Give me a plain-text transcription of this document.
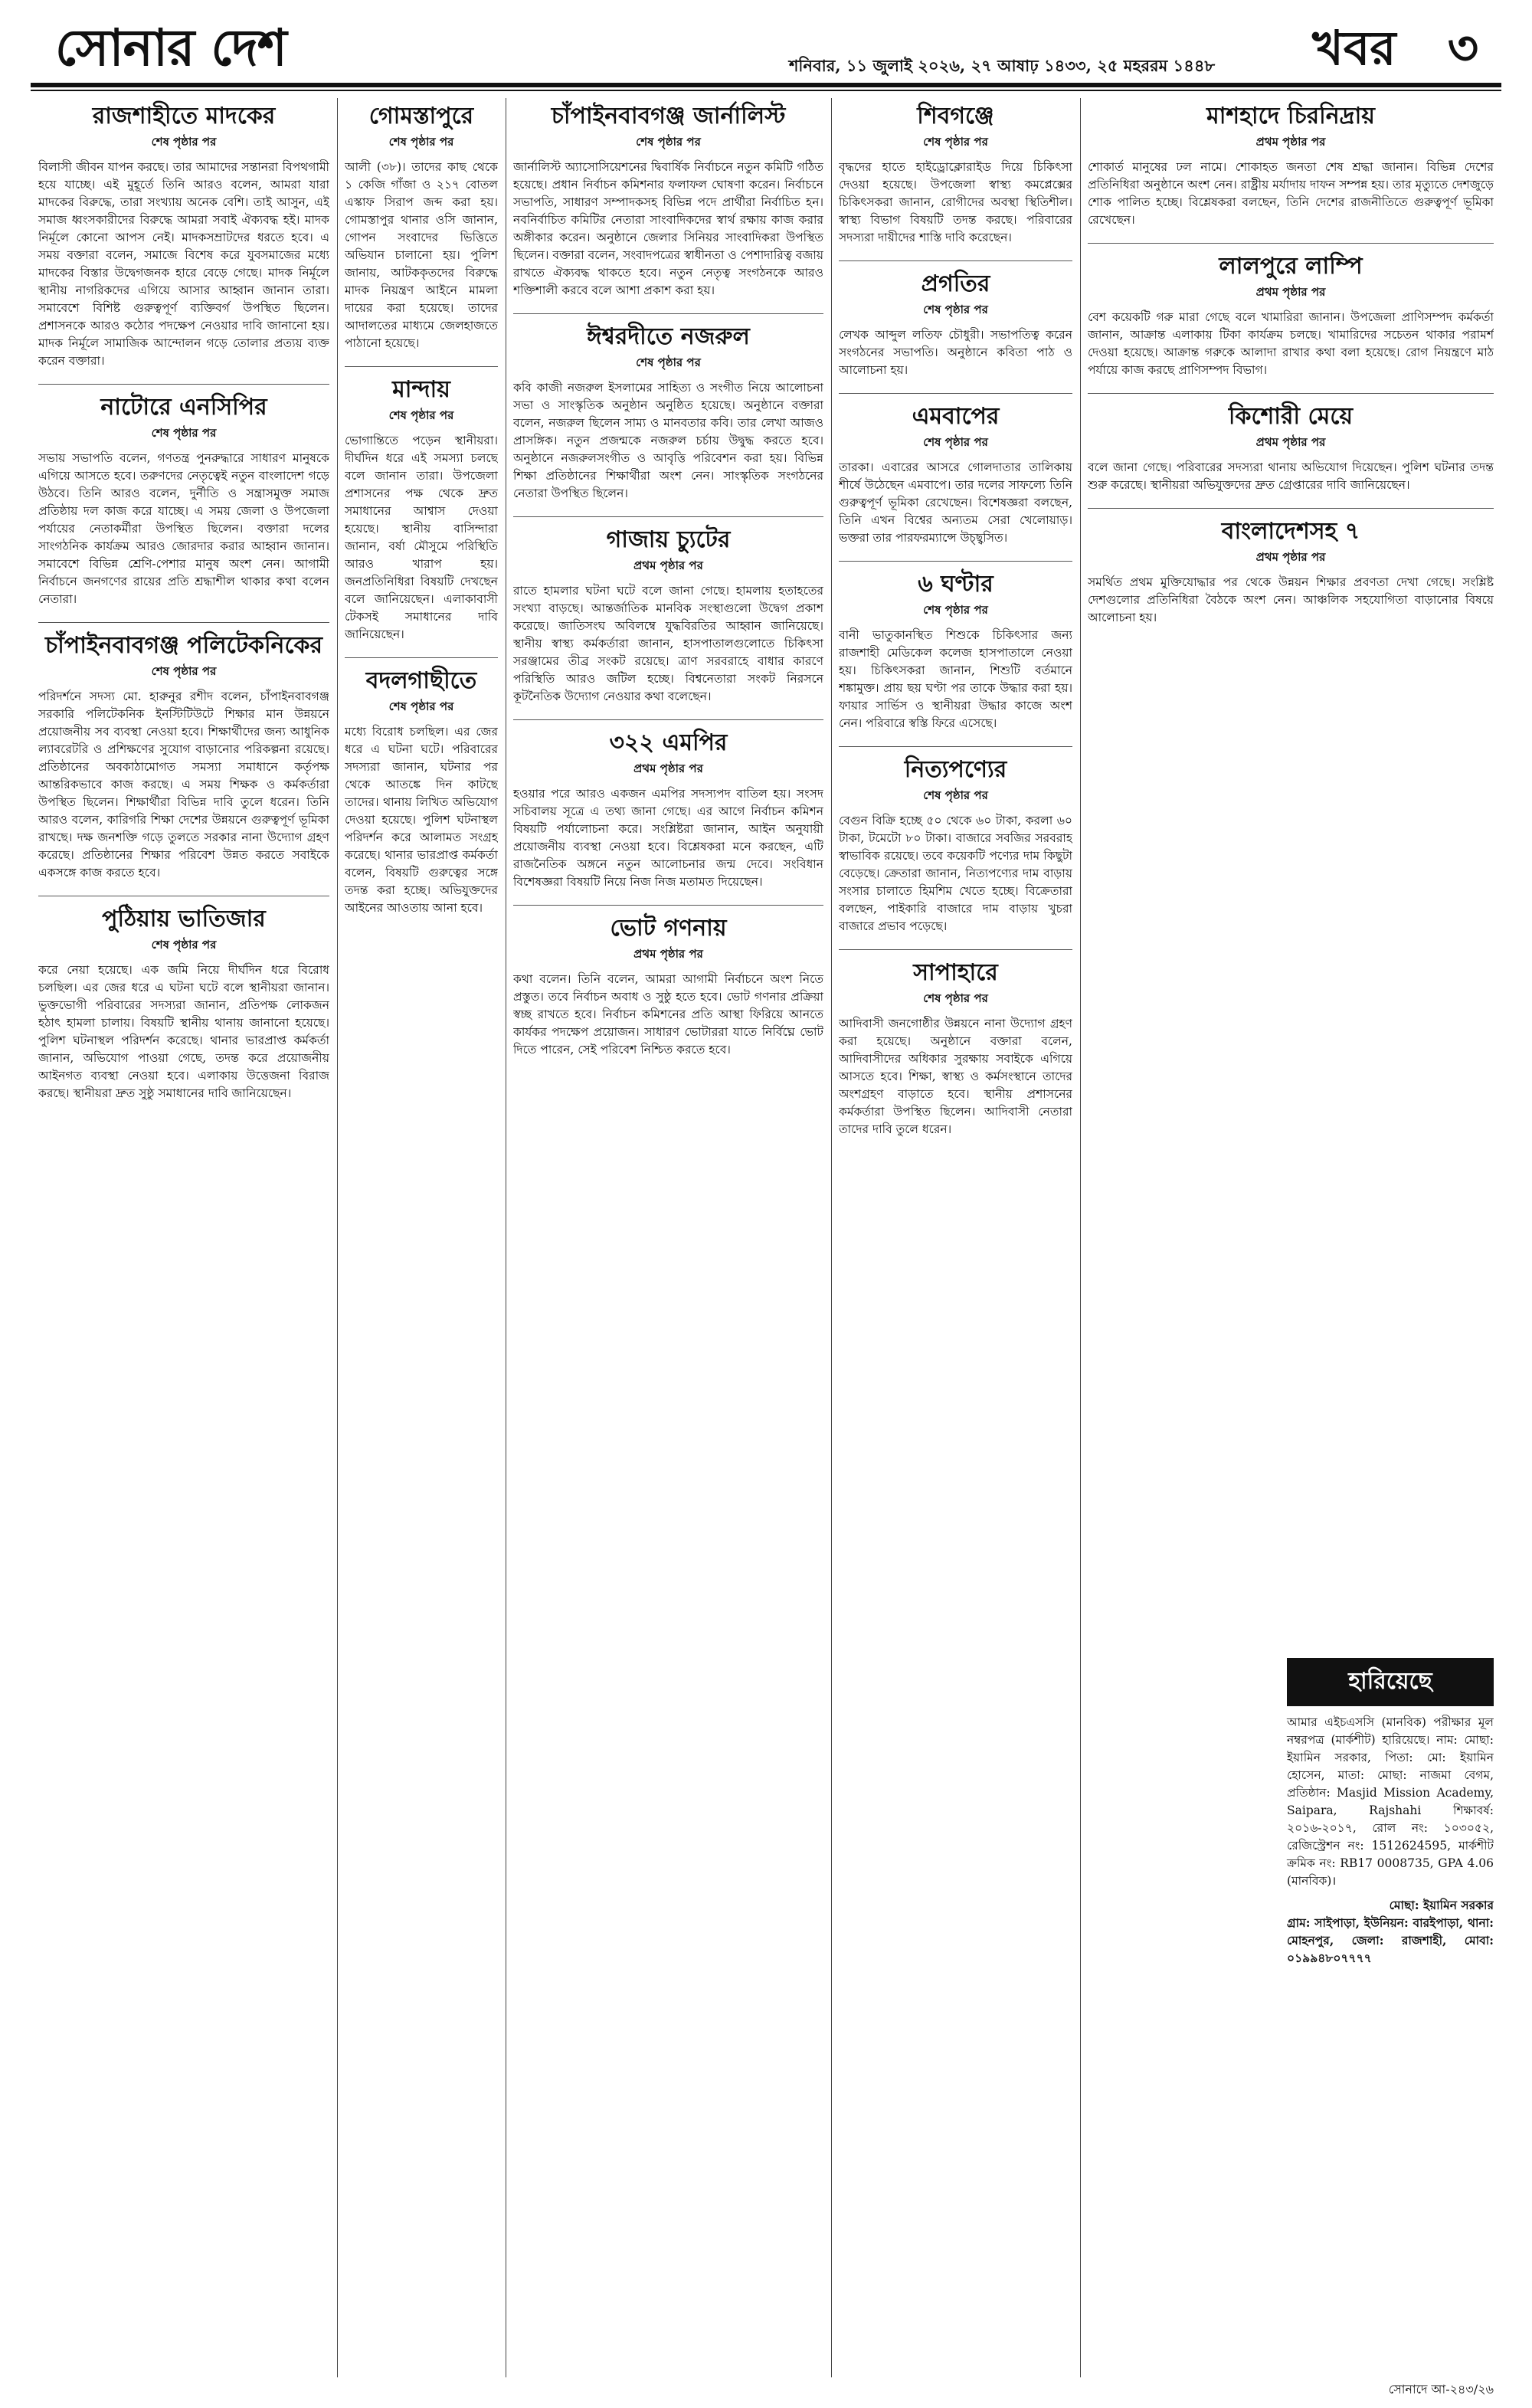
সোনার দেশ	শনিবার, ১১ জুলাই ২০২৬, ২৭ আষাঢ় ১৪৩৩, ২৫ মহররম ১৪৪৮ খবর ৩
রাজশাহীতে মাদকের
শেষ পৃষ্ঠার পর

বিলাসী জীবন যাপন করছে। তার আমাদের সন্তানরা বিপথগামী হয়ে যাচ্ছে। এই মুহূর্তে তিনি আরও বলেন, আমরা যারা মাদকের বিরুদ্ধে, তারা সংখ্যায় অনেক বেশি। তাই আসুন, এই সমাজ ধ্বংসকারীদের বিরুদ্ধে আমরা সবাই ঐক্যবদ্ধ হই। মাদক নির্মূলে কোনো আপস নেই। মাদকসম্রাটদের ধরতে হবে। এ সময় বক্তারা বলেন, সমাজে বিশেষ করে যুবসমাজের মধ্যে মাদকের বিস্তার উদ্বেগজনক হারে বেড়ে গেছে। মাদক নির্মূলে স্থানীয় নাগরিকদের এগিয়ে আসার আহ্বান জানান তারা। সমাবেশে বিশিষ্ট গুরুত্বপূর্ণ ব্যক্তিবর্গ উপস্থিত ছিলেন। প্রশাসনকে আরও কঠোর পদক্ষেপ নেওয়ার দাবি জানানো হয়। মাদক নির্মূলে সামাজিক আন্দোলন গড়ে তোলার প্রত্যয় ব্যক্ত করেন বক্তারা।

নাটোরে এনসিপির
শেষ পৃষ্ঠার পর

সভায় সভাপতি বলেন, গণতন্ত্র পুনরুদ্ধারে সাধারণ মানুষকে এগিয়ে আসতে হবে। তরুণদের নেতৃত্বেই নতুন বাংলাদেশ গড়ে উঠবে। তিনি আরও বলেন, দুর্নীতি ও সন্ত্রাসমুক্ত সমাজ প্রতিষ্ঠায় দল কাজ করে যাচ্ছে। এ সময় জেলা ও উপজেলা পর্যায়ের নেতাকর্মীরা উপস্থিত ছিলেন। বক্তারা দলের সাংগঠনিক কার্যক্রম আরও জোরদার করার আহ্বান জানান। সমাবেশে বিভিন্ন শ্রেণি-পেশার মানুষ অংশ নেন। আগামী নির্বাচনে জনগণের রায়ের প্রতি শ্রদ্ধাশীল থাকার কথা বলেন নেতারা।

চাঁপাইনবাবগঞ্জ পলিটেকনিকের
শেষ পৃষ্ঠার পর

পরিদর্শনে সদস্য মো. হারুনুর রশীদ বলেন, চাঁপাইনবাবগঞ্জ সরকারি পলিটেকনিক ইনস্টিটিউটে শিক্ষার মান উন্নয়নে প্রয়োজনীয় সব ব্যবস্থা নেওয়া হবে। শিক্ষার্থীদের জন্য আধুনিক ল্যাবরেটরি ও প্রশিক্ষণের সুযোগ বাড়ানোর পরিকল্পনা রয়েছে। প্রতিষ্ঠানের অবকাঠামোগত সমস্যা সমাধানে কর্তৃপক্ষ আন্তরিকভাবে কাজ করছে। এ সময় শিক্ষক ও কর্মকর্তারা উপস্থিত ছিলেন। শিক্ষার্থীরা বিভিন্ন দাবি তুলে ধরেন। তিনি আরও বলেন, কারিগরি শিক্ষা দেশের উন্নয়নে গুরুত্বপূর্ণ ভূমিকা রাখছে। দক্ষ জনশক্তি গড়ে তুলতে সরকার নানা উদ্যোগ গ্রহণ করেছে। প্রতিষ্ঠানের শিক্ষার পরিবেশ উন্নত করতে সবাইকে একসঙ্গে কাজ করতে হবে।

পুঠিয়ায় ভাতিজার
শেষ পৃষ্ঠার পর

করে নেয়া হয়েছে। এক জমি নিয়ে দীর্ঘদিন ধরে বিরোধ চলছিল। এর জের ধরে এ ঘটনা ঘটে বলে স্থানীয়রা জানান। ভুক্তভোগী পরিবারের সদস্যরা জানান, প্রতিপক্ষ লোকজন হঠাৎ হামলা চালায়। বিষয়টি স্থানীয় থানায় জানানো হয়েছে। পুলিশ ঘটনাস্থল পরিদর্শন করেছে। থানার ভারপ্রাপ্ত কর্মকর্তা জানান, অভিযোগ পাওয়া গেছে, তদন্ত করে প্রয়োজনীয় আইনগত ব্যবস্থা নেওয়া হবে। এলাকায় উত্তেজনা বিরাজ করছে। স্থানীয়রা দ্রুত সুষ্ঠু সমাধানের দাবি জানিয়েছেন।

গোমস্তাপুরে
শেষ পৃষ্ঠার পর

আলী (৩৮)। তাদের কাছ থেকে ১ কেজি গাঁজা ও ২১৭ বোতল এস্কাফ সিরাপ জব্দ করা হয়। গোমস্তাপুর থানার ওসি জানান, গোপন সংবাদের ভিত্তিতে অভিযান চালানো হয়। পুলিশ জানায়, আটককৃতদের বিরুদ্ধে মাদক নিয়ন্ত্রণ আইনে মামলা দায়ের করা হয়েছে। তাদের আদালতের মাধ্যমে জেলহাজতে পাঠানো হয়েছে।

মান্দায়
শেষ পৃষ্ঠার পর

ভোগান্তিতে পড়েন স্থানীয়রা। দীর্ঘদিন ধরে এই সমস্যা চলছে বলে জানান তারা। উপজেলা প্রশাসনের পক্ষ থেকে দ্রুত সমাধানের আশ্বাস দেওয়া হয়েছে। স্থানীয় বাসিন্দারা জানান, বর্ষা মৌসুমে পরিস্থিতি আরও খারাপ হয়। জনপ্রতিনিধিরা বিষয়টি দেখছেন বলে জানিয়েছেন। এলাকাবাসী টেকসই সমাধানের দাবি জানিয়েছেন।

বদলগাছীতে
শেষ পৃষ্ঠার পর

মধ্যে বিরোধ চলছিল। এর জের ধরে এ ঘটনা ঘটে। পরিবারের সদস্যরা জানান, ঘটনার পর থেকে আতঙ্কে দিন কাটছে তাদের। থানায় লিখিত অভিযোগ দেওয়া হয়েছে। পুলিশ ঘটনাস্থল পরিদর্শন করে আলামত সংগ্রহ করেছে। থানার ভারপ্রাপ্ত কর্মকর্তা বলেন, বিষয়টি গুরুত্বের সঙ্গে তদন্ত করা হচ্ছে। অভিযুক্তদের আইনের আওতায় আনা হবে।

চাঁপাইনবাবগঞ্জ জার্নালিস্ট
শেষ পৃষ্ঠার পর

জার্নালিস্ট অ্যাসোসিয়েশনের দ্বিবার্ষিক নির্বাচনে নতুন কমিটি গঠিত হয়েছে। প্রধান নির্বাচন কমিশনার ফলাফল ঘোষণা করেন। নির্বাচনে সভাপতি, সাধারণ সম্পাদকসহ বিভিন্ন পদে প্রার্থীরা নির্বাচিত হন। নবনির্বাচিত কমিটির নেতারা সাংবাদিকদের স্বার্থ রক্ষায় কাজ করার অঙ্গীকার করেন। অনুষ্ঠানে জেলার সিনিয়র সাংবাদিকরা উপস্থিত ছিলেন। বক্তারা বলেন, সংবাদপত্রের স্বাধীনতা ও পেশাদারিত্ব বজায় রাখতে ঐক্যবদ্ধ থাকতে হবে। নতুন নেতৃত্ব সংগঠনকে আরও শক্তিশালী করবে বলে আশা প্রকাশ করা হয়।

ঈশ্বরদীতে নজরুল
শেষ পৃষ্ঠার পর

কবি কাজী নজরুল ইসলামের সাহিত্য ও সংগীত নিয়ে আলোচনা সভা ও সাংস্কৃতিক অনুষ্ঠান অনুষ্ঠিত হয়েছে। অনুষ্ঠানে বক্তারা বলেন, নজরুল ছিলেন সাম্য ও মানবতার কবি। তার লেখা আজও প্রাসঙ্গিক। নতুন প্রজন্মকে নজরুল চর্চায় উদ্বুদ্ধ করতে হবে। অনুষ্ঠানে নজরুলসংগীত ও আবৃত্তি পরিবেশন করা হয়। বিভিন্ন শিক্ষা প্রতিষ্ঠানের শিক্ষার্থীরা অংশ নেন। সাংস্কৃতিক সংগঠনের নেতারা উপস্থিত ছিলেন।

গাজায় চ্যুটের
প্রথম পৃষ্ঠার পর

রাতে হামলার ঘটনা ঘটে বলে জানা গেছে। হামলায় হতাহতের সংখ্যা বাড়ছে। আন্তর্জাতিক মানবিক সংস্থাগুলো উদ্বেগ প্রকাশ করেছে। জাতিসংঘ অবিলম্বে যুদ্ধবিরতির আহ্বান জানিয়েছে। স্থানীয় স্বাস্থ্য কর্মকর্তারা জানান, হাসপাতালগুলোতে চিকিৎসা সরঞ্জামের তীব্র সংকট রয়েছে। ত্রাণ সরবরাহে বাধার কারণে পরিস্থিতি আরও জটিল হচ্ছে। বিশ্বনেতারা সংকট নিরসনে কূটনৈতিক উদ্যোগ নেওয়ার কথা বলেছেন।

৩২২ এমপির
প্রথম পৃষ্ঠার পর

হওয়ার পরে আরও একজন এমপির সদস্যপদ বাতিল হয়। সংসদ সচিবালয় সূত্রে এ তথ্য জানা গেছে। এর আগে নির্বাচন কমিশন বিষয়টি পর্যালোচনা করে। সংশ্লিষ্টরা জানান, আইন অনুযায়ী প্রয়োজনীয় ব্যবস্থা নেওয়া হবে। বিশ্লেষকরা মনে করছেন, এটি রাজনৈতিক অঙ্গনে নতুন আলোচনার জন্ম দেবে। সংবিধান বিশেষজ্ঞরা বিষয়টি নিয়ে নিজ নিজ মতামত দিয়েছেন।

ভোট গণনায়
প্রথম পৃষ্ঠার পর

কথা বলেন। তিনি বলেন, আমরা আগামী নির্বাচনে অংশ নিতে প্রস্তুত। তবে নির্বাচন অবাধ ও সুষ্ঠু হতে হবে। ভোট গণনার প্রক্রিয়া স্বচ্ছ রাখতে হবে। নির্বাচন কমিশনের প্রতি আস্থা ফিরিয়ে আনতে কার্যকর পদক্ষেপ প্রয়োজন। সাধারণ ভোটাররা যাতে নির্বিঘ্নে ভোট দিতে পারেন, সেই পরিবেশ নিশ্চিত করতে হবে।

শিবগঞ্জে
শেষ পৃষ্ঠার পর

বৃদ্ধদের হাতে হাইড্রোক্লোরাইড দিয়ে চিকিৎসা দেওয়া হয়েছে। উপজেলা স্বাস্থ্য কমপ্লেক্সের চিকিৎসকরা জানান, রোগীদের অবস্থা স্থিতিশীল। স্বাস্থ্য বিভাগ বিষয়টি তদন্ত করছে। পরিবারের সদস্যরা দায়ীদের শাস্তি দাবি করেছেন।

প্রগতির
শেষ পৃষ্ঠার পর

লেখক আব্দুল লতিফ চৌধুরী। সভাপতিত্ব করেন সংগঠনের সভাপতি। অনুষ্ঠানে কবিতা পাঠ ও আলোচনা হয়।

এমবাপের
শেষ পৃষ্ঠার পর

তারকা। এবারের আসরে গোলদাতার তালিকায় শীর্ষে উঠেছেন এমবাপে। তার দলের সাফল্যে তিনি গুরুত্বপূর্ণ ভূমিকা রেখেছেন। বিশেষজ্ঞরা বলছেন, তিনি এখন বিশ্বের অন্যতম সেরা খেলোয়াড়। ভক্তরা তার পারফরম্যান্সে উচ্ছ্বসিত।

৬ ঘণ্টার
শেষ পৃষ্ঠার পর

বানী ভাতুকানস্থিত শিশুকে চিকিৎসার জন্য রাজশাহী মেডিকেল কলেজ হাসপাতালে নেওয়া হয়। চিকিৎসকরা জানান, শিশুটি বর্তমানে শঙ্কামুক্ত। প্রায় ছয় ঘণ্টা পর তাকে উদ্ধার করা হয়। ফায়ার সার্ভিস ও স্থানীয়রা উদ্ধার কাজে অংশ নেন। পরিবারে স্বস্তি ফিরে এসেছে।

নিত্যপণ্যের
শেষ পৃষ্ঠার পর

বেগুন বিক্রি হচ্ছে ৫০ থেকে ৬০ টাকা, করলা ৬০ টাকা, টমেটো ৮০ টাকা। বাজারে সবজির সরবরাহ স্বাভাবিক রয়েছে। তবে কয়েকটি পণ্যের দাম কিছুটা বেড়েছে। ক্রেতারা জানান, নিত্যপণ্যের দাম বাড়ায় সংসার চালাতে হিমশিম খেতে হচ্ছে। বিক্রেতারা বলছেন, পাইকারি বাজারে দাম বাড়ায় খুচরা বাজারে প্রভাব পড়েছে।

সাপাহারে
শেষ পৃষ্ঠার পর

আদিবাসী জনগোষ্ঠীর উন্নয়নে নানা উদ্যোগ গ্রহণ করা হয়েছে। অনুষ্ঠানে বক্তারা বলেন, আদিবাসীদের অধিকার সুরক্ষায় সবাইকে এগিয়ে আসতে হবে। শিক্ষা, স্বাস্থ্য ও কর্মসংস্থানে তাদের অংশগ্রহণ বাড়াতে হবে। স্থানীয় প্রশাসনের কর্মকর্তারা উপস্থিত ছিলেন। আদিবাসী নেতারা তাদের দাবি তুলে ধরেন।

মাশহাদে চিরনিদ্রায়
প্রথম পৃষ্ঠার পর

শোকার্ত মানুষের ঢল নামে। শোকাহত জনতা শেষ শ্রদ্ধা জানান। বিভিন্ন দেশের প্রতিনিধিরা অনুষ্ঠানে অংশ নেন। রাষ্ট্রীয় মর্যাদায় দাফন সম্পন্ন হয়। তার মৃত্যুতে দেশজুড়ে শোক পালিত হচ্ছে। বিশ্লেষকরা বলছেন, তিনি দেশের রাজনীতিতে গুরুত্বপূর্ণ ভূমিকা রেখেছেন।

লালপুরে লাম্পি
প্রথম পৃষ্ঠার পর

বেশ কয়েকটি গরু মারা গেছে বলে খামারিরা জানান। উপজেলা প্রাণিসম্পদ কর্মকর্তা জানান, আক্রান্ত এলাকায় টিকা কার্যক্রম চলছে। খামারিদের সচেতন থাকার পরামর্শ দেওয়া হয়েছে। আক্রান্ত গরুকে আলাদা রাখার কথা বলা হয়েছে। রোগ নিয়ন্ত্রণে মাঠ পর্যায়ে কাজ করছে প্রাণিসম্পদ বিভাগ।

কিশোরী মেয়ে
প্রথম পৃষ্ঠার পর

বলে জানা গেছে। পরিবারের সদস্যরা থানায় অভিযোগ দিয়েছেন। পুলিশ ঘটনার তদন্ত শুরু করেছে। স্থানীয়রা অভিযুক্তদের দ্রুত গ্রেপ্তারের দাবি জানিয়েছেন।

বাংলাদেশসহ ৭
প্রথম পৃষ্ঠার পর

সমর্থিত প্রথম মুক্তিযোদ্ধার পর থেকে উন্নয়ন শিক্ষার প্রবণতা দেখা গেছে। সংশ্লিষ্ট দেশগুলোর প্রতিনিধিরা বৈঠকে অংশ নেন। আঞ্চলিক সহযোগিতা বাড়ানোর বিষয়ে আলোচনা হয়।

হারিয়েছে

আমার এইচএসসি (মানবিক) পরীক্ষার মূল নম্বরপত্র (মার্কশীট) হারিয়েছে। নাম: মোছা: ইয়ামিন সরকার, পিতা: মো: ইয়ামিন হোসেন, মাতা: মোছা: নাজমা বেগম, প্রতিষ্ঠান: Masjid Mission Academy, Saipara, Rajshahi শিক্ষাবর্ষ: ২০১৬-২০১৭, রোল নং: ১০৩০৫২, রেজিস্ট্রেশন নং: 1512624595, মার্কশীট ক্রমিক নং: RB17 0008735, GPA 4.06 (মানবিক)।

মোছা: ইয়ামিন সরকার

গ্রাম: সাইপাড়া, ইউনিয়ন: বারইপাড়া, থানা: মোহনপুর, জেলা: রাজশাহী, মোবা: ০১৯৯৪৮০৭৭৭৭

সোনাদে আ-২৪৩/২৬
